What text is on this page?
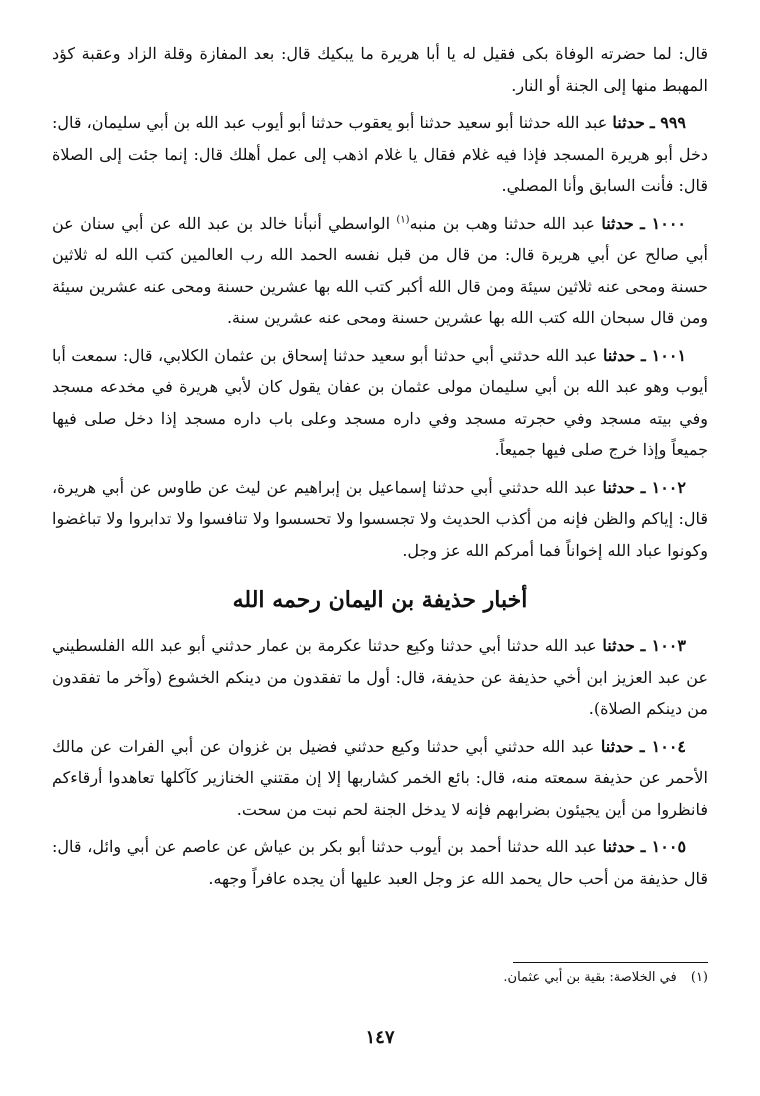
قال: لما حضرته الوفاة بكى فقيل له يا أبا هريرة ما يبكيك قال: بعد المفازة وقلة الزاد وعقبة كؤد المهبط منها إلى الجنة أو النار.

٩٩٩ ـ حدثنا عبد الله حدثنا أبو سعيد حدثنا أبو يعقوب حدثنا أبو أيوب عبد الله بن أبي سليمان، قال: دخل أبو هريرة المسجد فإذا فيه غلام فقال يا غلام اذهب إلى عمل أهلك قال: إنما جئت إلى الصلاة قال: فأنت السابق وأنا المصلي.

١٠٠٠ ـ حدثنا عبد الله حدثنا وهب بن منبه$^{(١)}$ الواسطي أنبأنا خالد بن عبد الله عن أبي سنان عن أبي صالح عن أبي هريرة قال: من قال من قبل نفسه الحمد الله رب العالمين كتب الله له ثلاثين حسنة ومحى عنه ثلاثين سيئة ومن قال الله أكبر كتب الله بها عشرين حسنة ومحى عنه عشرين سيئة ومن قال سبحان الله كتب الله بها عشرين حسنة ومحى عنه عشرين سنة.

١٠٠١ ـ حدثنا عبد الله حدثني أبي حدثنا أبو سعيد حدثنا إسحاق بن عثمان الكلابي، قال: سمعت أبا أيوب وهو عبد الله بن أبي سليمان مولى عثمان بن عفان يقول كان لأبي هريرة في مخدعه مسجد وفي بيته مسجد وفي حجرته مسجد وفي داره مسجد وعلى باب داره مسجد إذا دخل صلى فيها جميعاً وإذا خرج صلى فيها جميعاً.

١٠٠٢ ـ حدثنا عبد الله حدثني أبي حدثنا إسماعيل بن إبراهيم عن ليث عن طاوس عن أبي هريرة، قال: إياكم والظن فإنه من أكذب الحديث ولا تجسسوا ولا تحسسوا ولا تنافسوا ولا تدابروا ولا تباغضوا وكونوا عباد الله إخواناً فما أمركم الله عز وجل.

أخبار حذيفة بن اليمان رحمه الله

١٠٠٣ ـ حدثنا عبد الله حدثنا أبي حدثنا وكيع حدثنا عكرمة بن عمار حدثني أبو عبد الله الفلسطيني عن عبد العزيز ابن أخي حذيفة عن حذيفة، قال: أول ما تفقدون من دينكم الخشوع (وآخر ما تفقدون من دينكم الصلاة).

١٠٠٤ ـ حدثنا عبد الله حدثني أبي حدثنا وكيع حدثني فضيل بن غزوان عن أبي الفرات عن مالك الأحمر عن حذيفة سمعته منه، قال: بائع الخمر كشاربها إلا إن مقتني الخنازير كآكلها تعاهدوا أرقاءكم فانظروا من أين يجيئون بضرابهم فإنه لا يدخل الجنة لحم نبت من سحت.

١٠٠٥ ـ حدثنا عبد الله حدثنا أحمد بن أيوب حدثنا أبو بكر بن عياش عن عاصم عن أبي وائل، قال: قال حذيفة من أحب حال يحمد الله عز وجل العبد عليها أن يجده عافراً وجهه.

(١) في الخلاصة: بقية بن أبي عثمان.
١٤٧
